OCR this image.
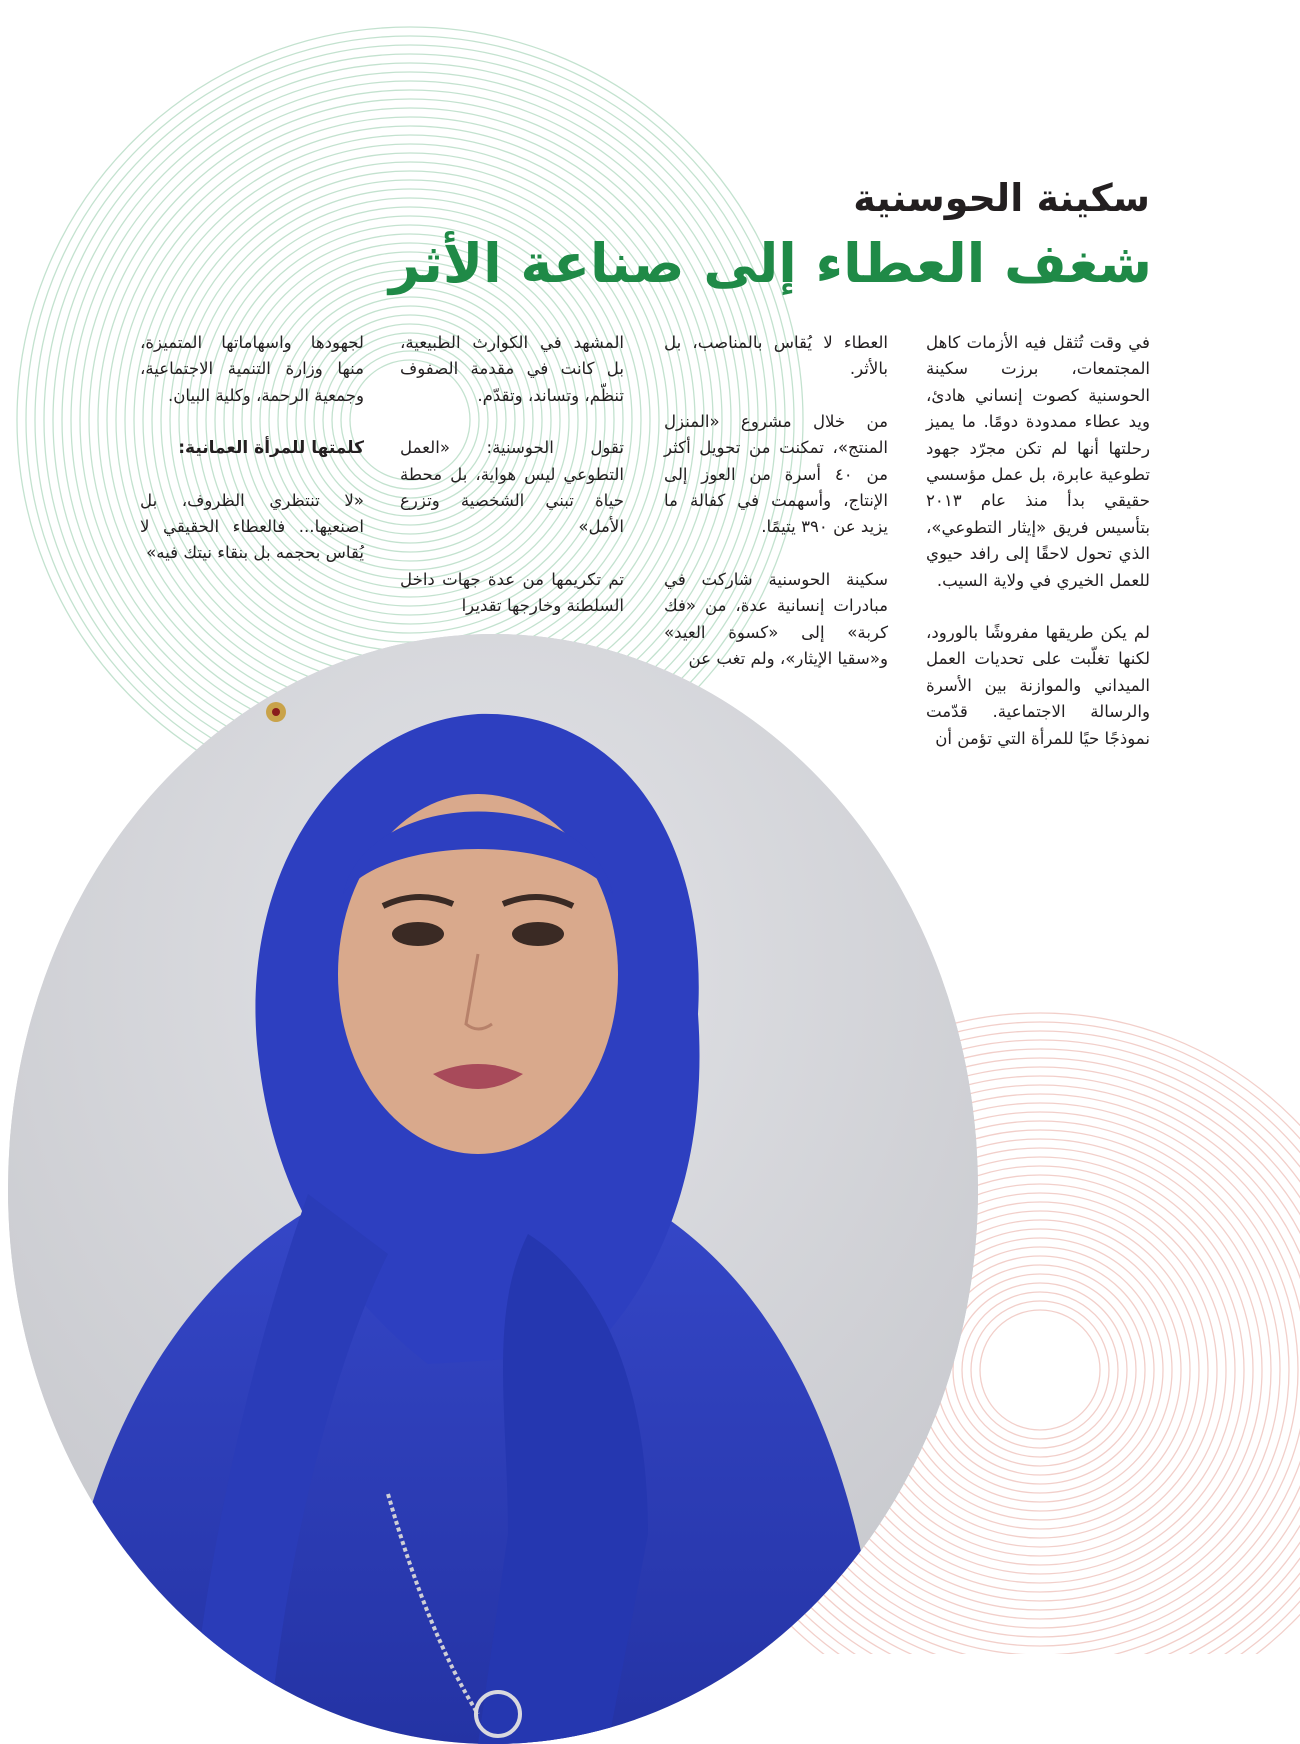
سكينة الحوسنية
شغف العطاء إلى صناعة الأثر

في وقت تُثقل فيه الأزمات كاهل المجتمعات، برزت سكينة الحوسنية كصوت إنساني هادئ، ويد عطاء ممدودة دومًا. ما يميز رحلتها أنها لم تكن مجرّد جهود تطوعية عابرة، بل عمل مؤسسي حقيقي بدأ منذ عام ٢٠١٣ بتأسيس فريق «إيثار التطوعي»، الذي تحول لاحقًا إلى رافد حيوي للعمل الخيري في ولاية السيب.

لم يكن طريقها مفروشًا بالورود، لكنها تغلّبت على تحديات العمل الميداني والموازنة بين الأسرة والرسالة الاجتماعية. قدّمت نموذجًا حيًا للمرأة التي تؤمن أن

العطاء لا يُقاس بالمناصب، بل بالأثر.

من خلال مشروع «المنزل المنتج»، تمكنت من تحويل أكثر من ٤٠ أسرة من العوز إلى الإنتاج، وأسهمت في كفالة ما يزيد عن ٣٩٠ يتيمًا.

سكينة الحوسنية شاركت في مبادرات إنسانية عدة، من «فك كربة» إلى «كسوة العيد» و«سقيا الإيثار»، ولم تغب عن

المشهد في الكوارث الطبيعية، بل كانت في مقدمة الصفوف تنظّم، وتساند، وتقدّم.

تقول الحوسنية: «العمل التطوعي ليس هواية، بل محطة حياة تبني الشخصية وتزرع الأمل»

تم تكريمها من عدة جهات داخل السلطنة وخارجها تقديرا

لجهودها واسهاماتها المتميزة، منها وزارة التنمية الاجتماعية، وجمعية الرحمة، وكلية البيان.

كلمتها للمرأة العمانية:

«لا تنتظري الظروف، بل اصنعيها... فالعطاء الحقيقي لا يُقاس بحجمه بل بنقاء نيتك فيه»
